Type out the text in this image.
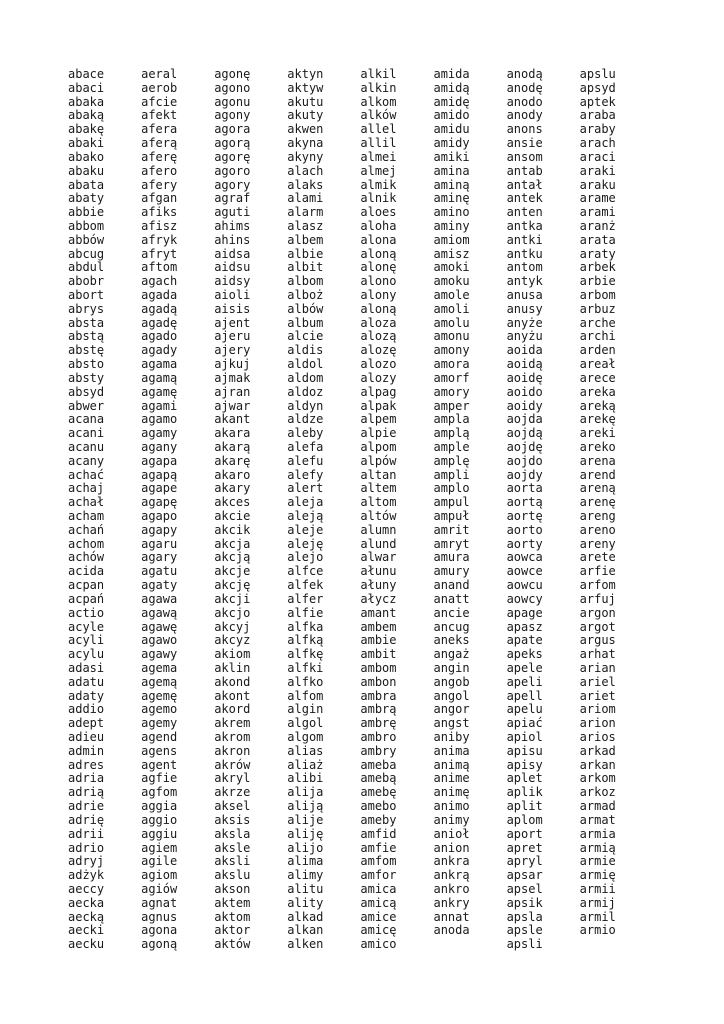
abace
abaci
abaka
abaką
abakę
abaki
abako
abaku
abata
abaty
abbie
abbom
abbów
abcug
abdul
abobr
abort
abrys
absta
abstą
abstę
absto
absty
absyd
abwer
acana
acani
acanu
acany
achać
achaj
achał
acham
achań
achom
achów
acida
acpan
acpań
actio
acyle
acyli
acylu
adasi
adatu
adaty
addio
adept
adieu
admin
adres
adria
adrią
adrie
adrię
adrii
adrio
adryj
adżyk
aeccy
aecka
aecką
aecki
aecku
aeral
aerob
afcie
afekt
afera
aferą
aferę
afero
afery
afgan
afiks
afisz
afryk
afryt
aftom
agach
agada
agadą
agadę
agado
agady
agama
agamą
agamę
agami
agamo
agamy
agany
agapa
agapą
agape
agapę
agapo
agapy
agaru
agary
agatu
agaty
agawa
agawą
agawę
agawo
agawy
agema
agemą
agemę
agemo
agemy
agend
agens
agent
agfie
agfom
aggia
aggio
aggiu
agiem
agile
agiom
agiów
agnat
agnus
agona
agoną
agonę
agono
agonu
agony
agora
agorą
agorę
agoro
agory
agraf
aguti
ahims
ahins
aidsa
aidsu
aidsy
aioli
aisis
ajent
ajeru
ajery
ajkuj
ajmak
ajran
ajwar
akant
akara
akarą
akarę
akaro
akary
akces
akcie
akcik
akcja
akcją
akcje
akcję
akcji
akcjo
akcyj
akcyz
akiom
aklin
akond
akont
akord
akrem
akrom
akron
akrów
akryl
akrze
aksel
aksis
aksla
aksle
aksli
akslu
akson
aktem
aktom
aktor
aktów
aktyn
aktyw
akutu
akuty
akwen
akyna
akyny
alach
alaks
alami
alarm
alasz
albem
albie
albit
albom
alboż
albów
album
alcie
aldis
aldol
aldom
aldoz
aldyn
aldze
aleby
alefa
alefu
alefy
alert
aleja
aleją
aleje
aleję
alejo
alfce
alfek
alfer
alfie
alfka
alfką
alfkę
alfki
alfko
alfom
algin
algol
algom
alias
aliaż
alibi
alija
aliją
alije
aliję
alijo
alima
alimy
alitu
ality
alkad
alkan
alken
alkil
alkin
alkom
alków
allel
allil
almei
almej
almik
alnik
aloes
aloha
alona
aloną
alonę
alono
alony
aloną
aloza
alozą
alozę
alozo
alozy
alpag
alpak
alpem
alpie
alpom
alpów
altan
altem
altom
altów
alumn
alund
alwar
ałunu
ałuny
ałycz
amant
ambem
ambie
ambit
ambom
ambon
ambra
ambrą
ambrę
ambro
ambry
ameba
amebą
amebę
amebo
ameby
amfid
amfie
amfom
amfor
amica
amicą
amice
amicę
amico
amida
amidą
amidę
amido
amidu
amidy
amiki
amina
aminą
aminę
amino
aminy
amiom
amisz
amoki
amoku
amole
amoli
amolu
amonu
amony
amora
amorf
amory
amper
ampla
amplą
ample
amplę
ampli
amplo
ampul
ampuł
amrit
amryt
amura
amury
anand
anatt
ancie
ancug
aneks
angaż
angin
angob
angol
angor
angst
aniby
anima
animą
anime
animę
animo
animy
anioł
anion
ankra
ankrą
ankro
ankry
annat
anoda
anodą
anodę
anodo
anody
anons
ansie
ansom
antab
antał
antek
anten
antka
antki
antku
antom
antyk
anusa
anusy
anyże
anyżu
aoida
aoidą
aoidę
aoido
aoidy
aojda
aojdą
aojdę
aojdo
aojdy
aorta
aortą
aortę
aorto
aorty
aowca
aowce
aowcu
aowcy
apage
apasz
apate
apeks
apele
apeli
apell
apelu
apiać
apiol
apisu
apisy
aplet
aplik
aplit
aplom
aport
apret
apryl
apsar
apsel
apsik
apsla
apsle
apsli
apslu
apsyd
aptek
araba
araby
arach
araci
araki
araku
arame
arami
aranż
arata
araty
arbek
arbie
arbom
arbuz
arche
archi
arden
areał
arece
areka
areką
arekę
areki
areko
arena
arend
areną
arenę
areng
areno
areny
arete
arfie
arfom
arfuj
argon
argot
argus
arhat
arian
ariel
ariet
ariom
arion
arios
arkad
arkan
arkom
arkoz
armad
armat
armia
armią
armie
armię
armii
armij
armil
armio
